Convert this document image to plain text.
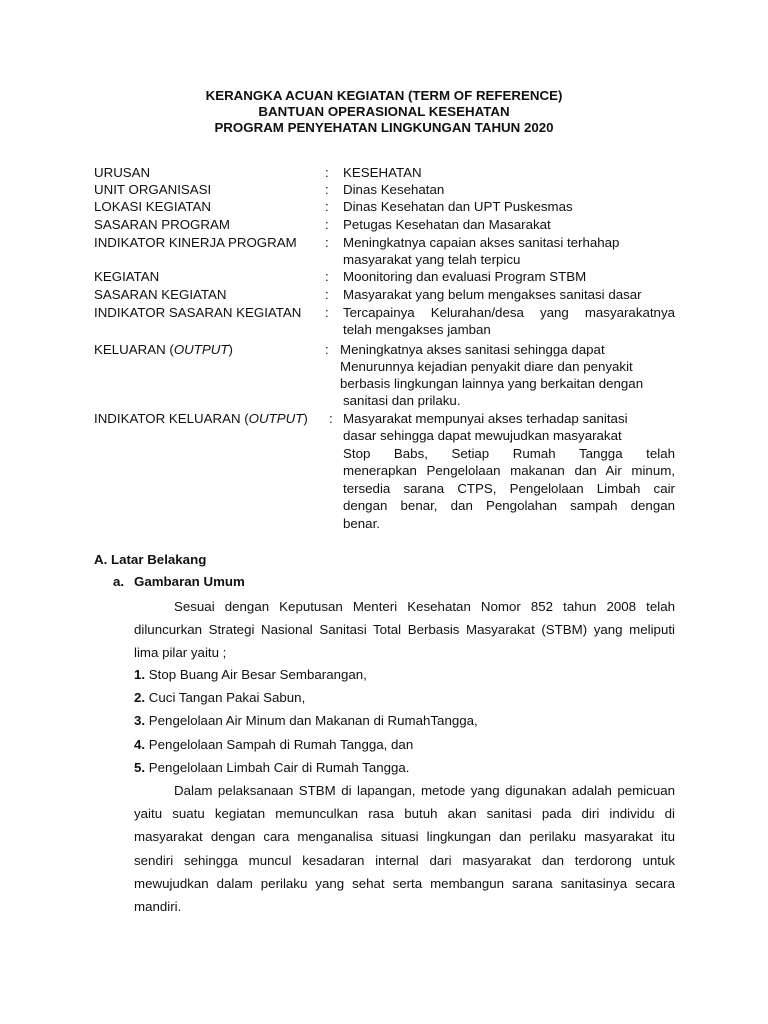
KERANGKA ACUAN KEGIATAN (TERM OF REFERENCE)
BANTUAN OPERASIONAL KESEHATAN
PROGRAM PENYEHATAN LINGKUNGAN TAHUN 2020
URUSAN	: KESEHATAN
UNIT ORGANISASI	: Dinas Kesehatan
LOKASI KEGIATAN	: Dinas Kesehatan dan UPT Puskesmas
SASARAN PROGRAM	: Petugas Kesehatan dan Masarakat
INDIKATOR KINERJA PROGRAM : Meningkatnya capaian akses sanitasi terhahap
masyarakat yang telah terpicu
KEGIATAN	: Moonitoring dan evaluasi Program STBM
SASARAN KEGIATAN	: Masyarakat yang belum mengakses sanitasi dasar
INDIKATOR SASARAN KEGIATAN : Tercapainya Kelurahan/desa yang masyarakatnya
telah mengakses jamban
KELUARAN (OUTPUT)	: Meningkatnya akses sanitasi sehingga dapat
Menurunnya kejadian penyakit diare dan penyakit
berbasis lingkungan lainnya yang berkaitan dengan
sanitasi dan prilaku.
INDIKATOR KELUARAN (OUTPUT) : Masyarakat mempunyai akses terhadap sanitasi
dasar sehingga dapat mewujudkan masyarakat
Stop Babs, Setiap Rumah Tangga telah
menerapkan Pengelolaan makanan dan Air minum,
tersedia sarana CTPS, Pengelolaan Limbah cair
dengan benar, dan Pengolahan sampah dengan
benar.
A. Latar Belakang
a. Gambaran Umum
Sesuai dengan Keputusan Menteri Kesehatan Nomor 852 tahun 2008 telah diluncurkan Strategi Nasional Sanitasi Total Berbasis Masyarakat (STBM) yang meliputi lima pilar yaitu ;
1. Stop Buang Air Besar Sembarangan,
2. Cuci Tangan Pakai Sabun,
3. Pengelolaan Air Minum dan Makanan di RumahTangga,
4. Pengelolaan Sampah di Rumah Tangga, dan
5. Pengelolaan Limbah Cair di Rumah Tangga.
Dalam pelaksanaan STBM di lapangan, metode yang digunakan adalah pemicuan yaitu suatu kegiatan memunculkan rasa butuh akan sanitasi pada diri individu di masyarakat dengan cara menganalisa situasi lingkungan dan perilaku masyarakat itu sendiri sehingga muncul kesadaran internal dari masyarakat dan terdorong untuk mewujudkan dalam perilaku yang sehat serta membangun sarana sanitasinya secara mandiri.
